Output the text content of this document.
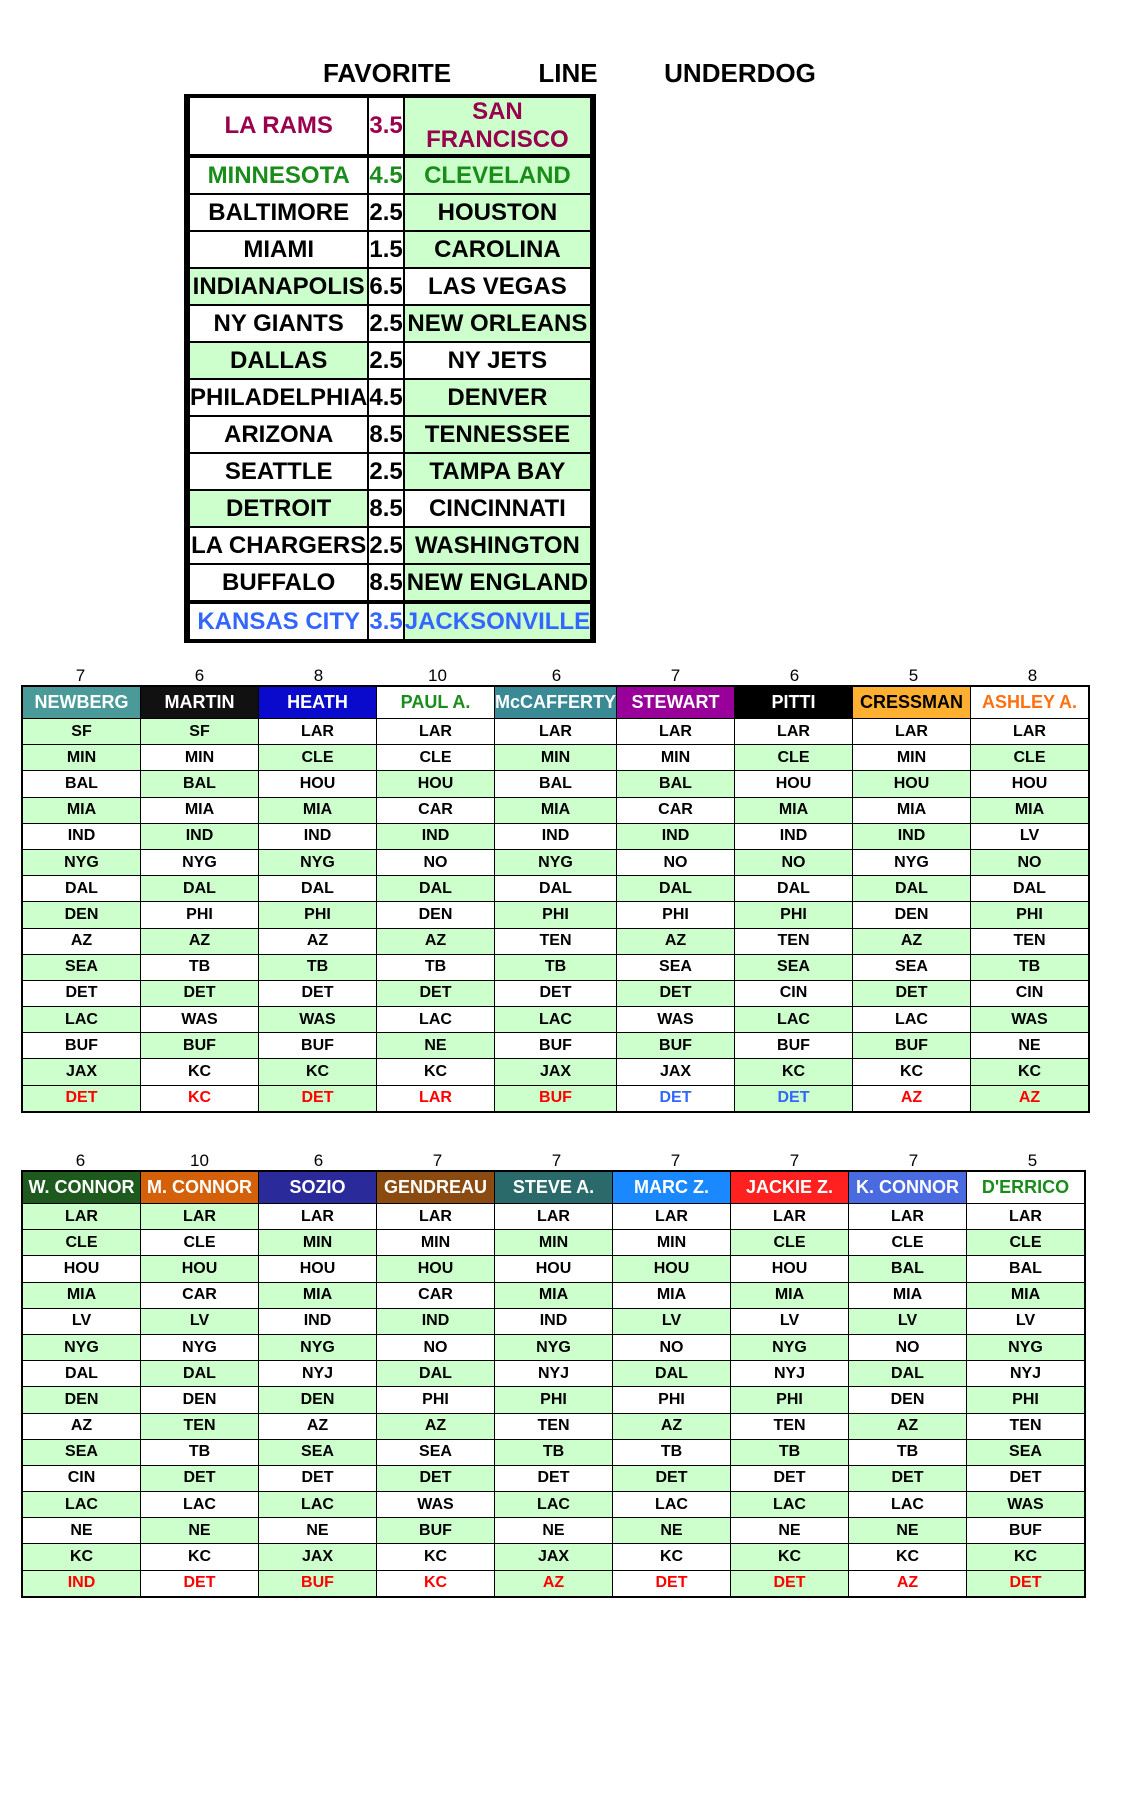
FAVORITE	LINE	UNDERDOG
	LA RAMS	3.5	SAN FRANCISCO	
	MINNESOTA	4.5	CLEVELAND	
	BALTIMORE	2.5	HOUSTON	
	MIAMI	1.5	CAROLINA	
	INDIANAPOLIS	6.5	LAS VEGAS	
	NY GIANTS	2.5	NEW ORLEANS	
	DALLAS	2.5	NY JETS	
	PHILADELPHIA	4.5	DENVER	
	ARIZONA	8.5	TENNESSEE	
	SEATTLE	2.5	TAMPA BAY	
	DETROIT	8.5	CINCINNATI	
	LA CHARGERS	2.5	WASHINGTON	
	BUFFALO	8.5	NEW ENGLAND	
	KANSAS CITY	3.5	JACKSONVILLE	
7	6	8	10	6	7	6	5	8
NEWBERG	MARTIN	HEATH	PAUL A.	McCAFFERTY	STEWART	PITTI	CRESSMAN	ASHLEY A.
SF	SF	LAR	LAR	LAR	LAR	LAR	LAR	LAR
MIN	MIN	CLE	CLE	MIN	MIN	CLE	MIN	CLE
BAL	BAL	HOU	HOU	BAL	BAL	HOU	HOU	HOU
MIA	MIA	MIA	CAR	MIA	CAR	MIA	MIA	MIA
IND	IND	IND	IND	IND	IND	IND	IND	LV
NYG	NYG	NYG	NO	NYG	NO	NO	NYG	NO
DAL	DAL	DAL	DAL	DAL	DAL	DAL	DAL	DAL
DEN	PHI	PHI	DEN	PHI	PHI	PHI	DEN	PHI
AZ	AZ	AZ	AZ	TEN	AZ	TEN	AZ	TEN
SEA	TB	TB	TB	TB	SEA	SEA	SEA	TB
DET	DET	DET	DET	DET	DET	CIN	DET	CIN
LAC	WAS	WAS	LAC	LAC	WAS	LAC	LAC	WAS
BUF	BUF	BUF	NE	BUF	BUF	BUF	BUF	NE
JAX	KC	KC	KC	JAX	JAX	KC	KC	KC
DET	KC	DET	LAR	BUF	DET	DET	AZ	AZ
6	10	6	7	7	7	7	7	5
W. CONNOR	M. CONNOR	SOZIO	GENDREAU	STEVE A.	MARC Z.	JACKIE Z.	K. CONNOR	D'ERRICO
LAR	LAR	LAR	LAR	LAR	LAR	LAR	LAR	LAR
CLE	CLE	MIN	MIN	MIN	MIN	CLE	CLE	CLE
HOU	HOU	HOU	HOU	HOU	HOU	HOU	BAL	BAL
MIA	CAR	MIA	CAR	MIA	MIA	MIA	MIA	MIA
LV	LV	IND	IND	IND	LV	LV	LV	LV
NYG	NYG	NYG	NO	NYG	NO	NYG	NO	NYG
DAL	DAL	NYJ	DAL	NYJ	DAL	NYJ	DAL	NYJ
DEN	DEN	DEN	PHI	PHI	PHI	PHI	DEN	PHI
AZ	TEN	AZ	AZ	TEN	AZ	TEN	AZ	TEN
SEA	TB	SEA	SEA	TB	TB	TB	TB	SEA
CIN	DET	DET	DET	DET	DET	DET	DET	DET
LAC	LAC	LAC	WAS	LAC	LAC	LAC	LAC	WAS
NE	NE	NE	BUF	NE	NE	NE	NE	BUF
KC	KC	JAX	KC	JAX	KC	KC	KC	KC
IND	DET	BUF	KC	AZ	DET	DET	AZ	DET
